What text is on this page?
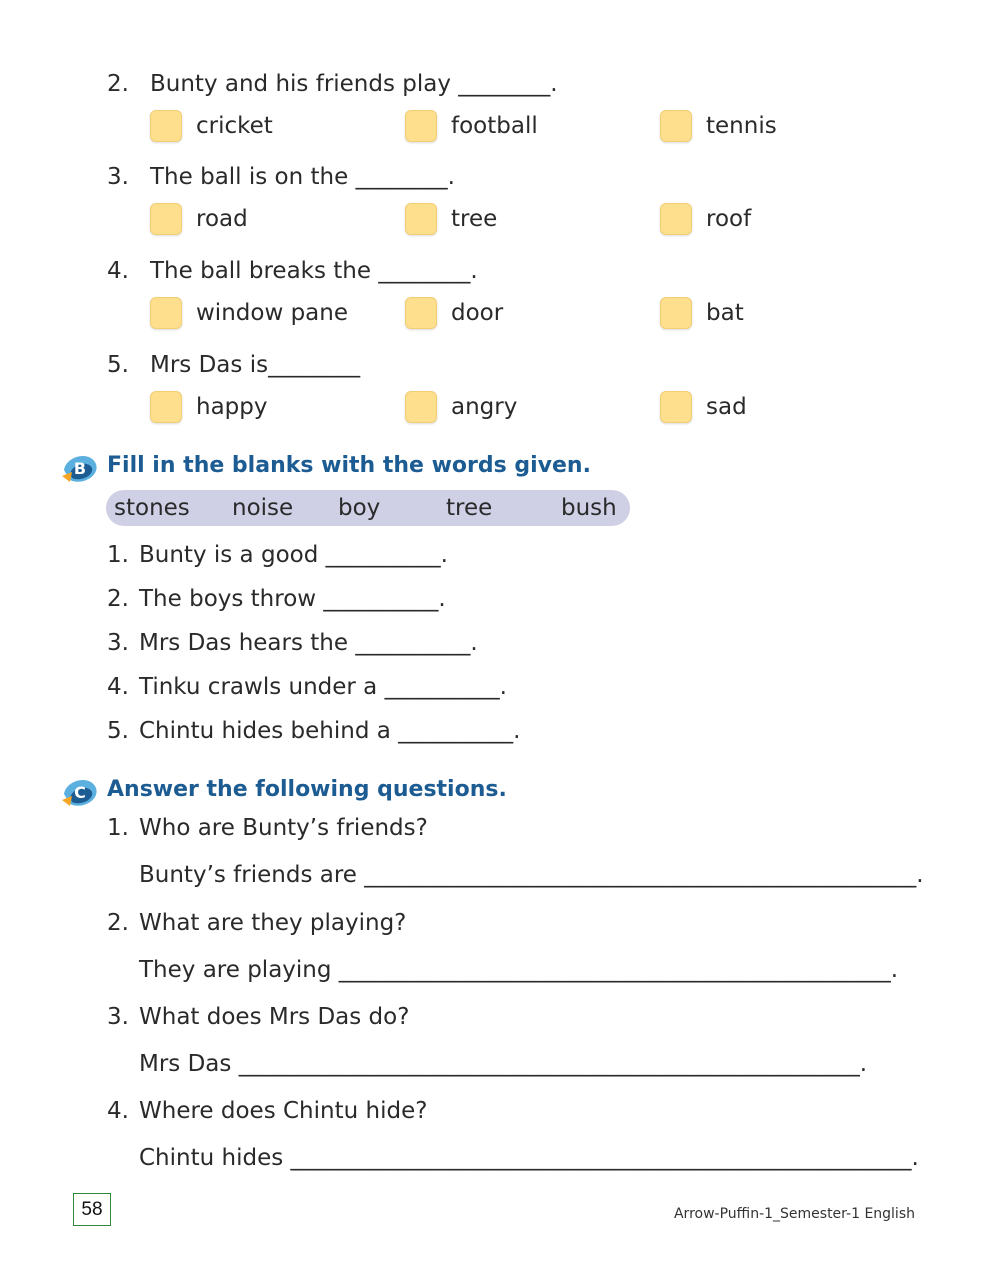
2. Bunty and his friends play ________.
cricket	football	tennis
3. The ball is on the ________.
road	tree	roof
4. The ball breaks the ________.
window pane	door	bat
5. Mrs Das is________
happy	angry	sad
B Fill in the blanks with the words given.
stones noise boy	tree	bush
1. Bunty is a good __________.
2. The boys throw __________.
3. Mrs Das hears the __________.
4. Tinku crawls under a __________.
5. Chintu hides behind a __________.
C Answer the following questions.
1. Who are Bunty’s friends?
Bunty’s friends are ________________________________________________.
2. What are they playing?
They are playing ________________________________________________.
3. What does Mrs Das do?
Mrs Das ______________________________________________________.
4. Where does Chintu hide?
Chintu hides ______________________________________________________.
58	Arrow-Puffin-1_Semester-1 English
